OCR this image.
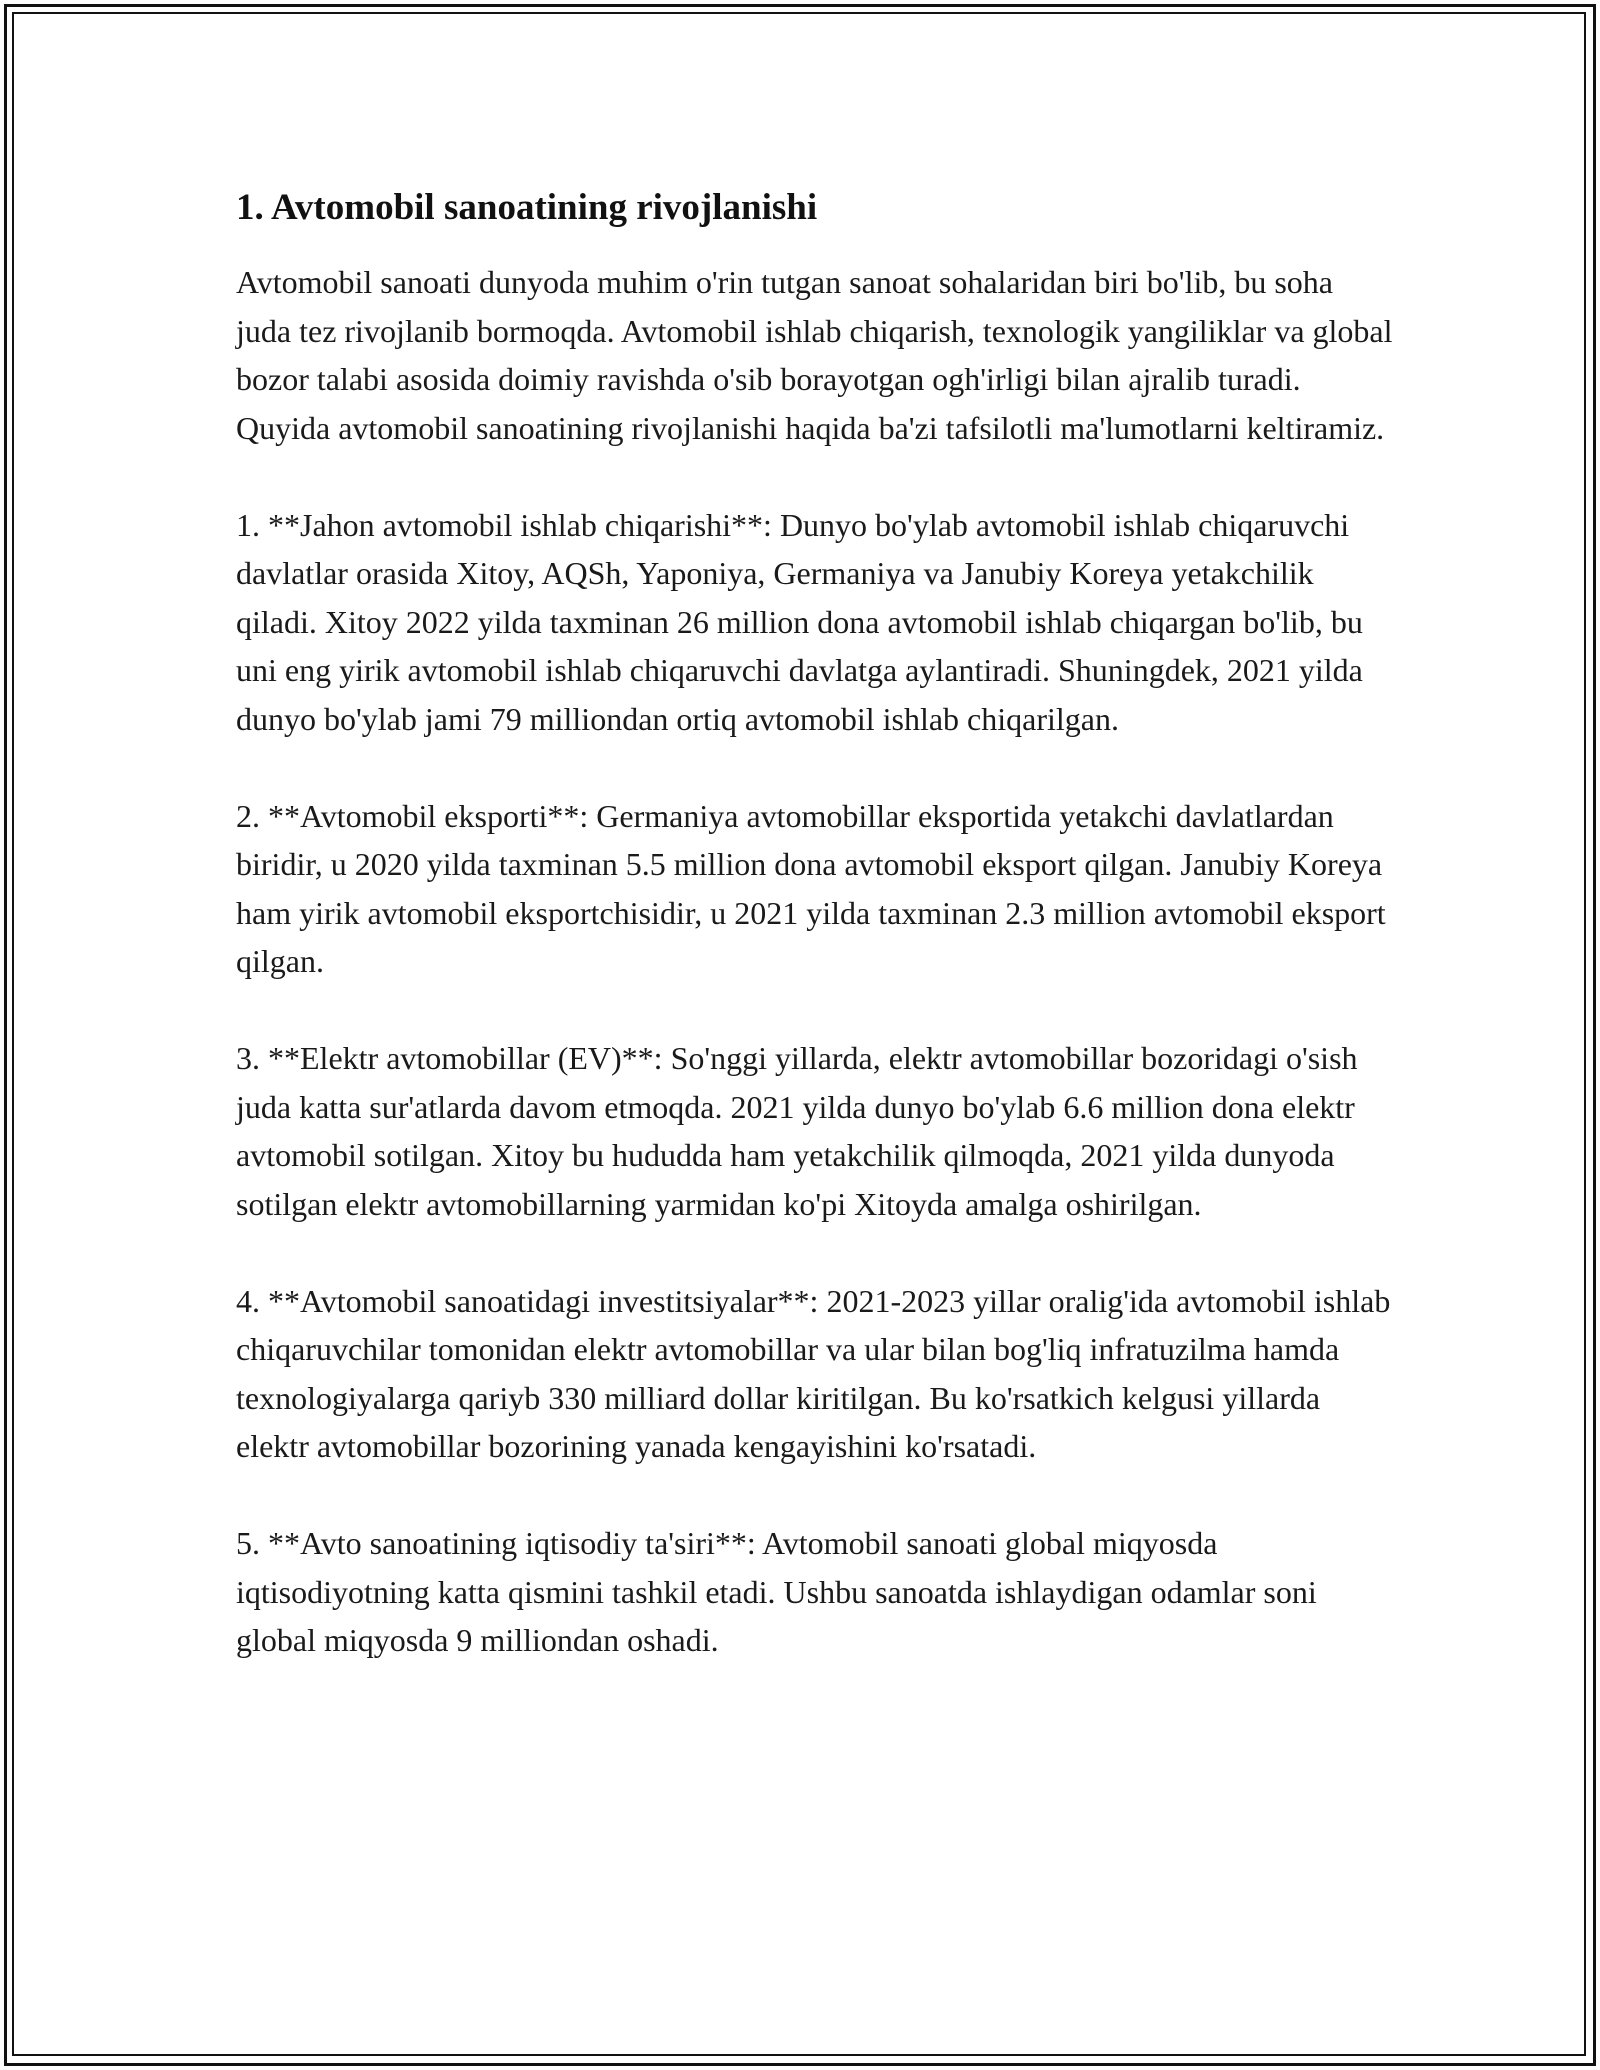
1. Avtomobil sanoatining rivojlanishi

Avtomobil sanoati dunyoda muhim o'rin tutgan sanoat sohalaridan biri bo'lib, bu soha juda tez rivojlanib bormoqda. Avtomobil ishlab chiqarish, texnologik yangiliklar va global bozor talabi asosida doimiy ravishda o'sib borayotgan ogh'irligi bilan ajralib turadi. Quyida avtomobil sanoatining rivojlanishi haqida ba'zi tafsilotli ma'lumotlarni keltiramiz.

1. **Jahon avtomobil ishlab chiqarishi**: Dunyo bo'ylab avtomobil ishlab chiqaruvchi davlatlar orasida Xitoy, AQSh, Yaponiya, Germaniya va Janubiy Koreya yetakchilik qiladi. Xitoy 2022 yilda taxminan 26 million dona avtomobil ishlab chiqargan bo'lib, bu uni eng yirik avtomobil ishlab chiqaruvchi davlatga aylantiradi. Shuningdek, 2021 yilda dunyo bo'ylab jami 79 milliondan ortiq avtomobil ishlab chiqarilgan.

2. **Avtomobil eksporti**: Germaniya avtomobillar eksportida yetakchi davlatlardan biridir, u 2020 yilda taxminan 5.5 million dona avtomobil eksport qilgan. Janubiy Koreya ham yirik avtomobil eksportchisidir, u 2021 yilda taxminan 2.3 million avtomobil eksport qilgan.

3. **Elektr avtomobillar (EV)**: So'nggi yillarda, elektr avtomobillar bozoridagi o'sish juda katta sur'atlarda davom etmoqda. 2021 yilda dunyo bo'ylab 6.6 million dona elektr avtomobil sotilgan. Xitoy bu hududda ham yetakchilik qilmoqda, 2021 yilda dunyoda sotilgan elektr avtomobillarning yarmidan ko'pi Xitoyda amalga oshirilgan.

4. **Avtomobil sanoatidagi investitsiyalar**: 2021-2023 yillar oralig'ida avtomobil ishlab chiqaruvchilar tomonidan elektr avtomobillar va ular bilan bog'liq infratuzilma hamda texnologiyalarga qariyb 330 milliard dollar kiritilgan. Bu ko'rsatkich kelgusi yillarda elektr avtomobillar bozorining yanada kengayishini ko'rsatadi.

5. **Avto sanoatining iqtisodiy ta'siri**: Avtomobil sanoati global miqyosda iqtisodiyotning katta qismini tashkil etadi. Ushbu sanoatda ishlaydigan odamlar soni global miqyosda 9 milliondan oshadi.
